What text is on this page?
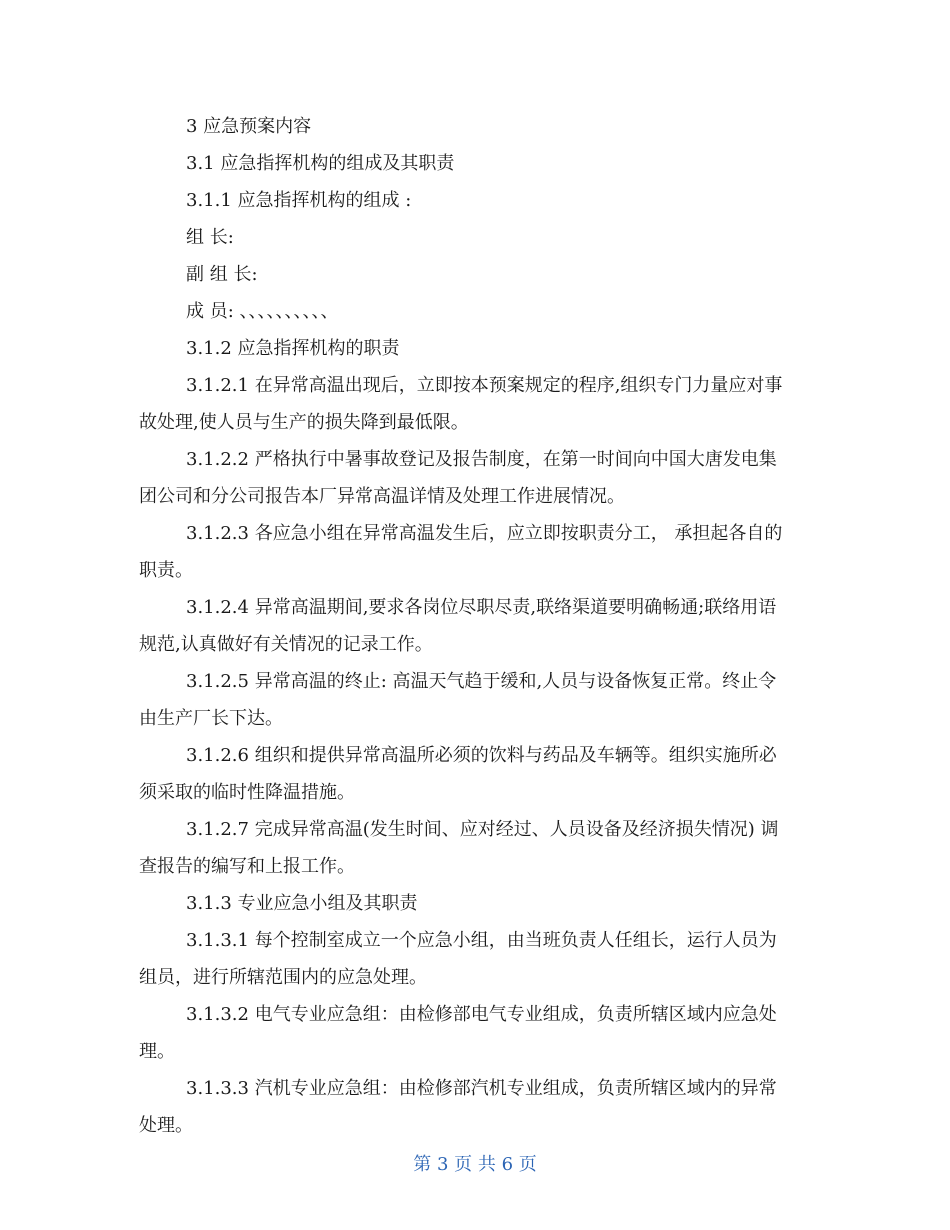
3 应急预案内容

3.1 应急指挥机构的组成及其职责

3.1.1 应急指挥机构的组成 :

组 长:

副 组 长:

成 员: 、、、、、、、、、、

3.1.2 应急指挥机构的职责

3.1.2.1 在异常高温出现后，立即按本预案规定的程序,组织专门力量应对事
故处理,使人员与生产的损失降到最低限。

3.1.2.2 严格执行中暑事故登记及报告制度，在第一时间向中国大唐发电集
团公司和分公司报告本厂异常高温详情及处理工作进展情况。

3.1.2.3 各应急小组在异常高温发生后，应立即按职责分工， 承担起各自的
职责。

3.1.2.4 异常高温期间,要求各岗位尽职尽责,联络渠道要明确畅通;联络用语
规范,认真做好有关情况的记录工作。

3.1.2.5 异常高温的终止: 高温天气趋于缓和,人员与设备恢复正常。终止令
由生产厂长下达。

3.1.2.6 组织和提供异常高温所必须的饮料与药品及车辆等。组织实施所必
须采取的临时性降温措施。

3.1.2.7 完成异常高温(发生时间、应对经过、人员设备及经济损失情况) 调
查报告的编写和上报工作。

3.1.3 专业应急小组及其职责

3.1.3.1 每个控制室成立一个应急小组，由当班负责人任组长，运行人员为
组员，进行所辖范围内的应急处理。

3.1.3.2 电气专业应急组：由检修部电气专业组成，负责所辖区域内应急处
理。

3.1.3.3 汽机专业应急组：由检修部汽机专业组成，负责所辖区域内的异常
处理。

第 3 页 共 6 页
